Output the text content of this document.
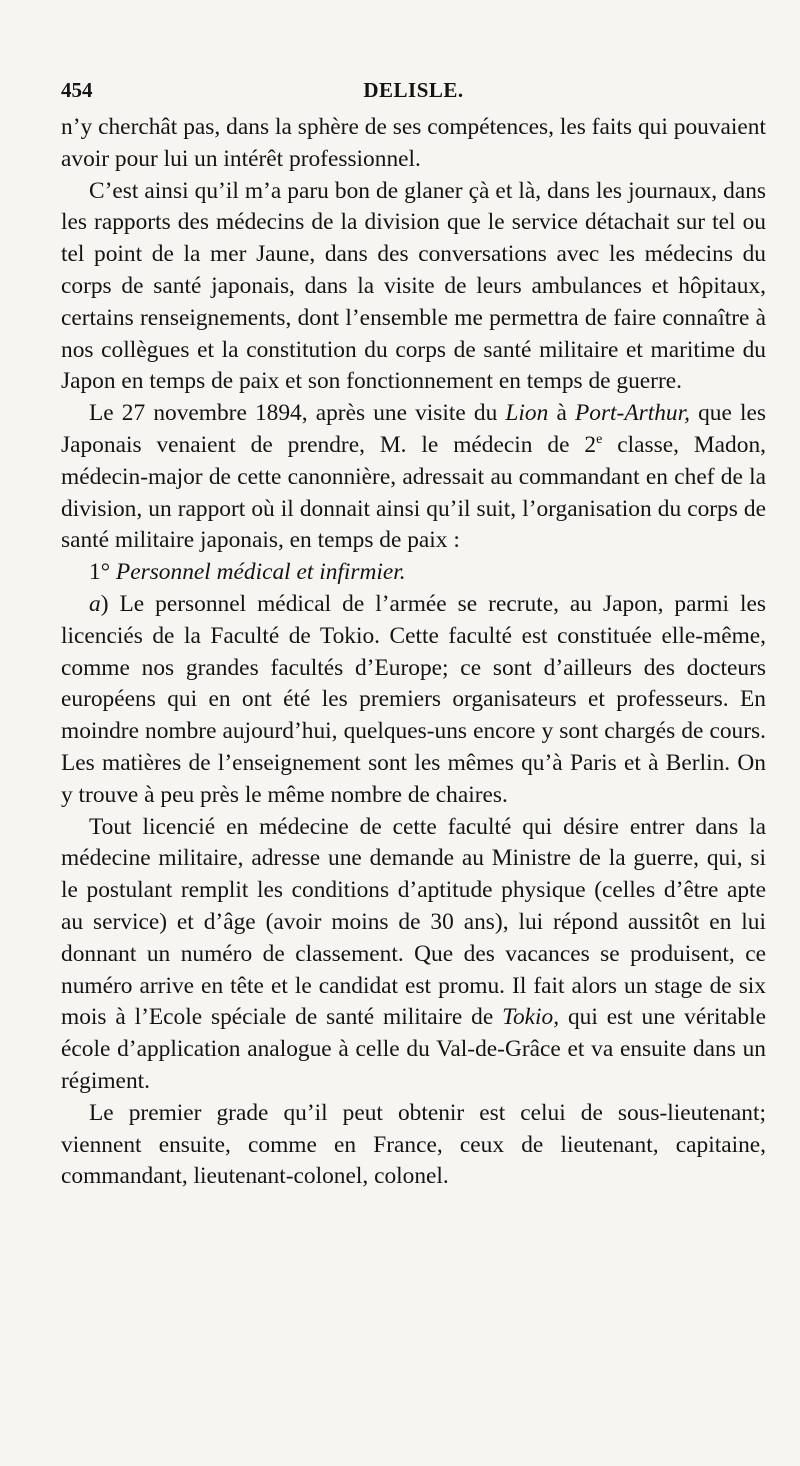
454	DELISLE.

n’y cherchât pas, dans la sphère de ses compétences, les faits qui pouvaient avoir pour lui un intérêt professionnel.

C’est ainsi qu’il m’a paru bon de glaner çà et là, dans les journaux, dans les rapports des médecins de la division que le service détachait sur tel ou tel point de la mer Jaune, dans des conversations avec les médecins du corps de santé japonais, dans la visite de leurs ambulances et hôpitaux, certains renseignements, dont l’ensemble me permettra de faire connaître à nos collègues et la constitution du corps de santé militaire et maritime du Japon en temps de paix et son fonctionnement en temps de guerre.

Le 27 novembre 1894, après une visite du Lion à Port-Arthur, que les Japonais venaient de prendre, M. le médecin de 2e classe, Madon, médecin-major de cette canonnière, adressait au commandant en chef de la division, un rapport où il donnait ainsi qu’il suit, l’organisation du corps de santé militaire japonais, en temps de paix :

1° Personnel médical et infirmier.

a) Le personnel médical de l’armée se recrute, au Japon, parmi les licenciés de la Faculté de Tokio. Cette faculté est constituée elle-même, comme nos grandes facultés d’Europe; ce sont d’ailleurs des docteurs européens qui en ont été les premiers organisateurs et professeurs. En moindre nombre aujourd’hui, quelques-uns encore y sont chargés de cours. Les matières de l’enseignement sont les mêmes qu’à Paris et à Berlin. On y trouve à peu près le même nombre de chaires.

Tout licencié en médecine de cette faculté qui désire entrer dans la médecine militaire, adresse une demande au Ministre de la guerre, qui, si le postulant remplit les conditions d’aptitude physique (celles d’être apte au service) et d’âge (avoir moins de 30 ans), lui répond aussitôt en lui donnant un numéro de classement. Que des vacances se produisent, ce numéro arrive en tête et le candidat est promu. Il fait alors un stage de six mois à l’Ecole spéciale de santé militaire de Tokio, qui est une véritable école d’application analogue à celle du Val-de-Grâce et va ensuite dans un régiment.

Le premier grade qu’il peut obtenir est celui de sous-lieutenant; viennent ensuite, comme en France, ceux de lieutenant, capitaine, commandant, lieutenant-colonel, colonel.
